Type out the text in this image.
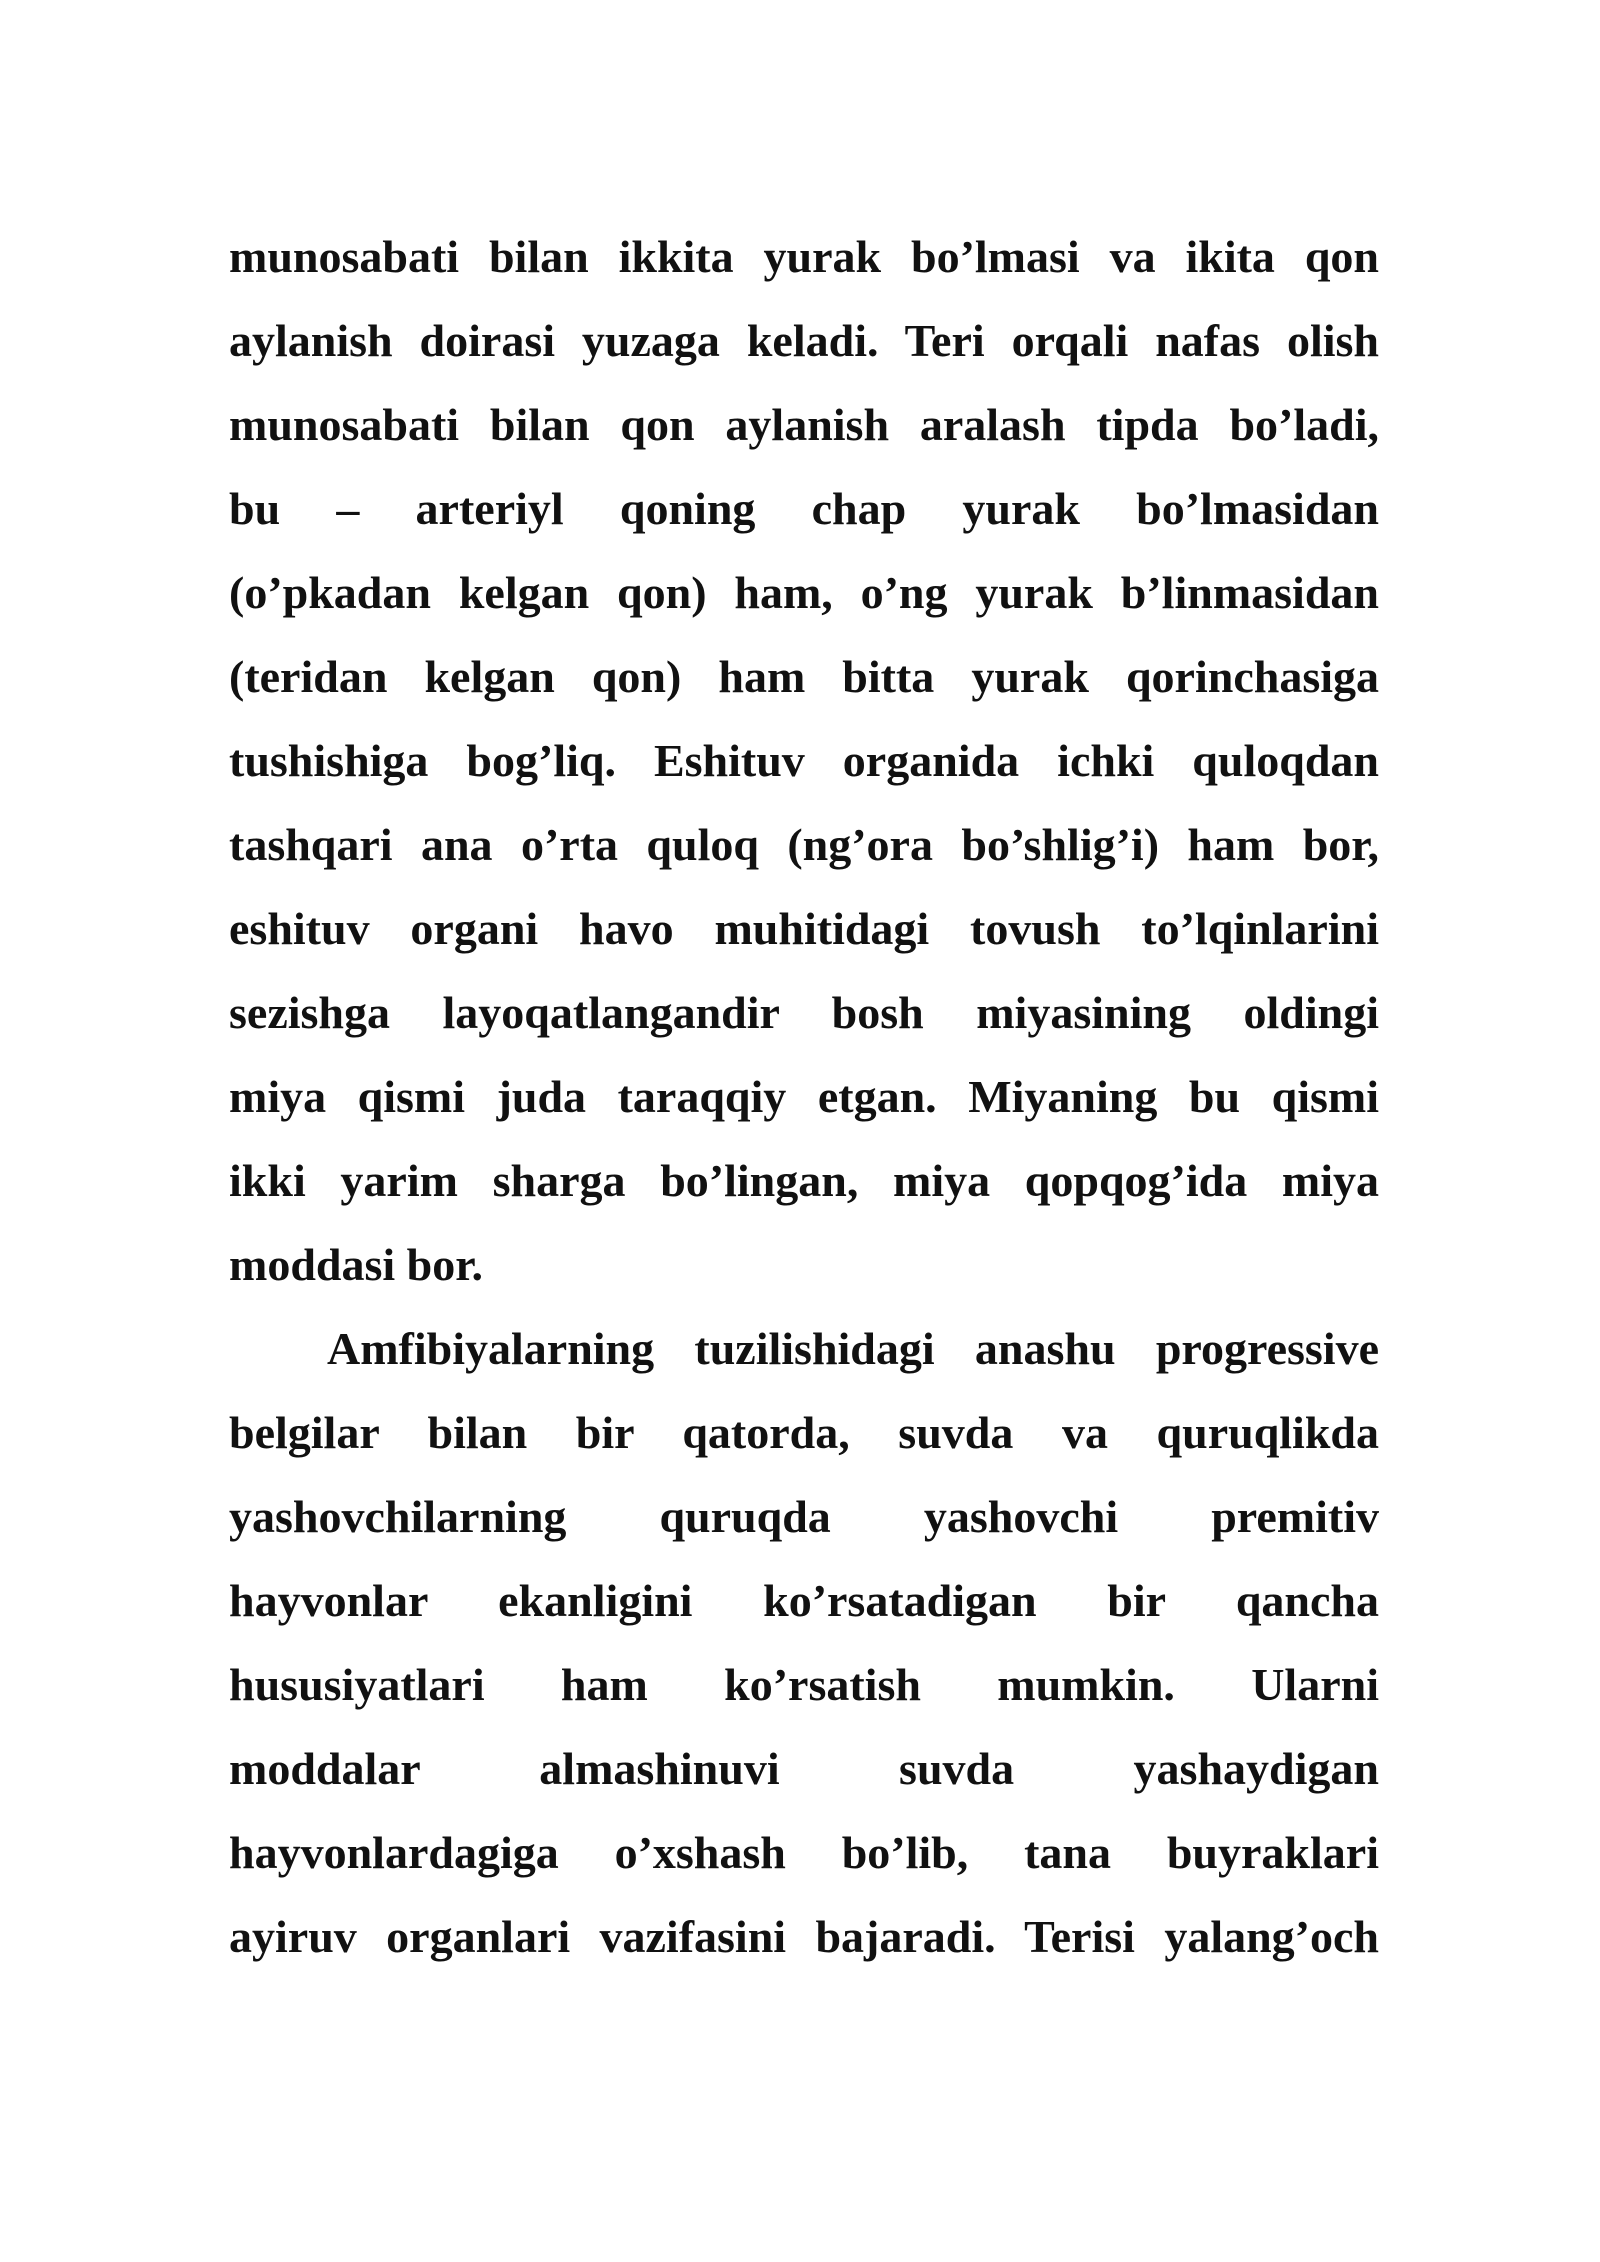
munosabati bilan ikkita yurak bo’lmasi va ikita qon
aylanish doirasi yuzaga keladi. Teri orqali nafas olish
munosabati bilan qon aylanish aralash tipda bo’ladi,
bu – arteriyl qoning chap yurak bo’lmasidan
(o’pkadan kelgan qon) ham, o’ng yurak b’linmasidan
(teridan kelgan qon) ham bitta yurak qorinchasiga
tushishiga bog’liq. Eshituv organida ichki quloqdan
tashqari ana o’rta quloq (ng’ora bo’shlig’i) ham bor,
eshituv organi havo muhitidagi tovush to’lqinlarini
sezishga layoqatlangandir bosh miyasining oldingi
miya qismi juda taraqqiy etgan. Miyaning bu qismi
ikki yarim sharga bo’lingan, miya qopqog’ida miya
moddasi bor.
Amfibiyalarning tuzilishidagi anashu progressive
belgilar bilan bir qatorda, suvda va quruqlikda
yashovchilarning quruqda yashovchi premitiv
hayvonlar ekanligini ko’rsatadigan bir qancha
hususiyatlari ham ko’rsatish mumkin. Ularni
moddalar almashinuvi suvda yashaydigan
hayvonlardagiga o’xshash bo’lib, tana buyraklari
ayiruv organlari vazifasini bajaradi. Terisi yalang’och
